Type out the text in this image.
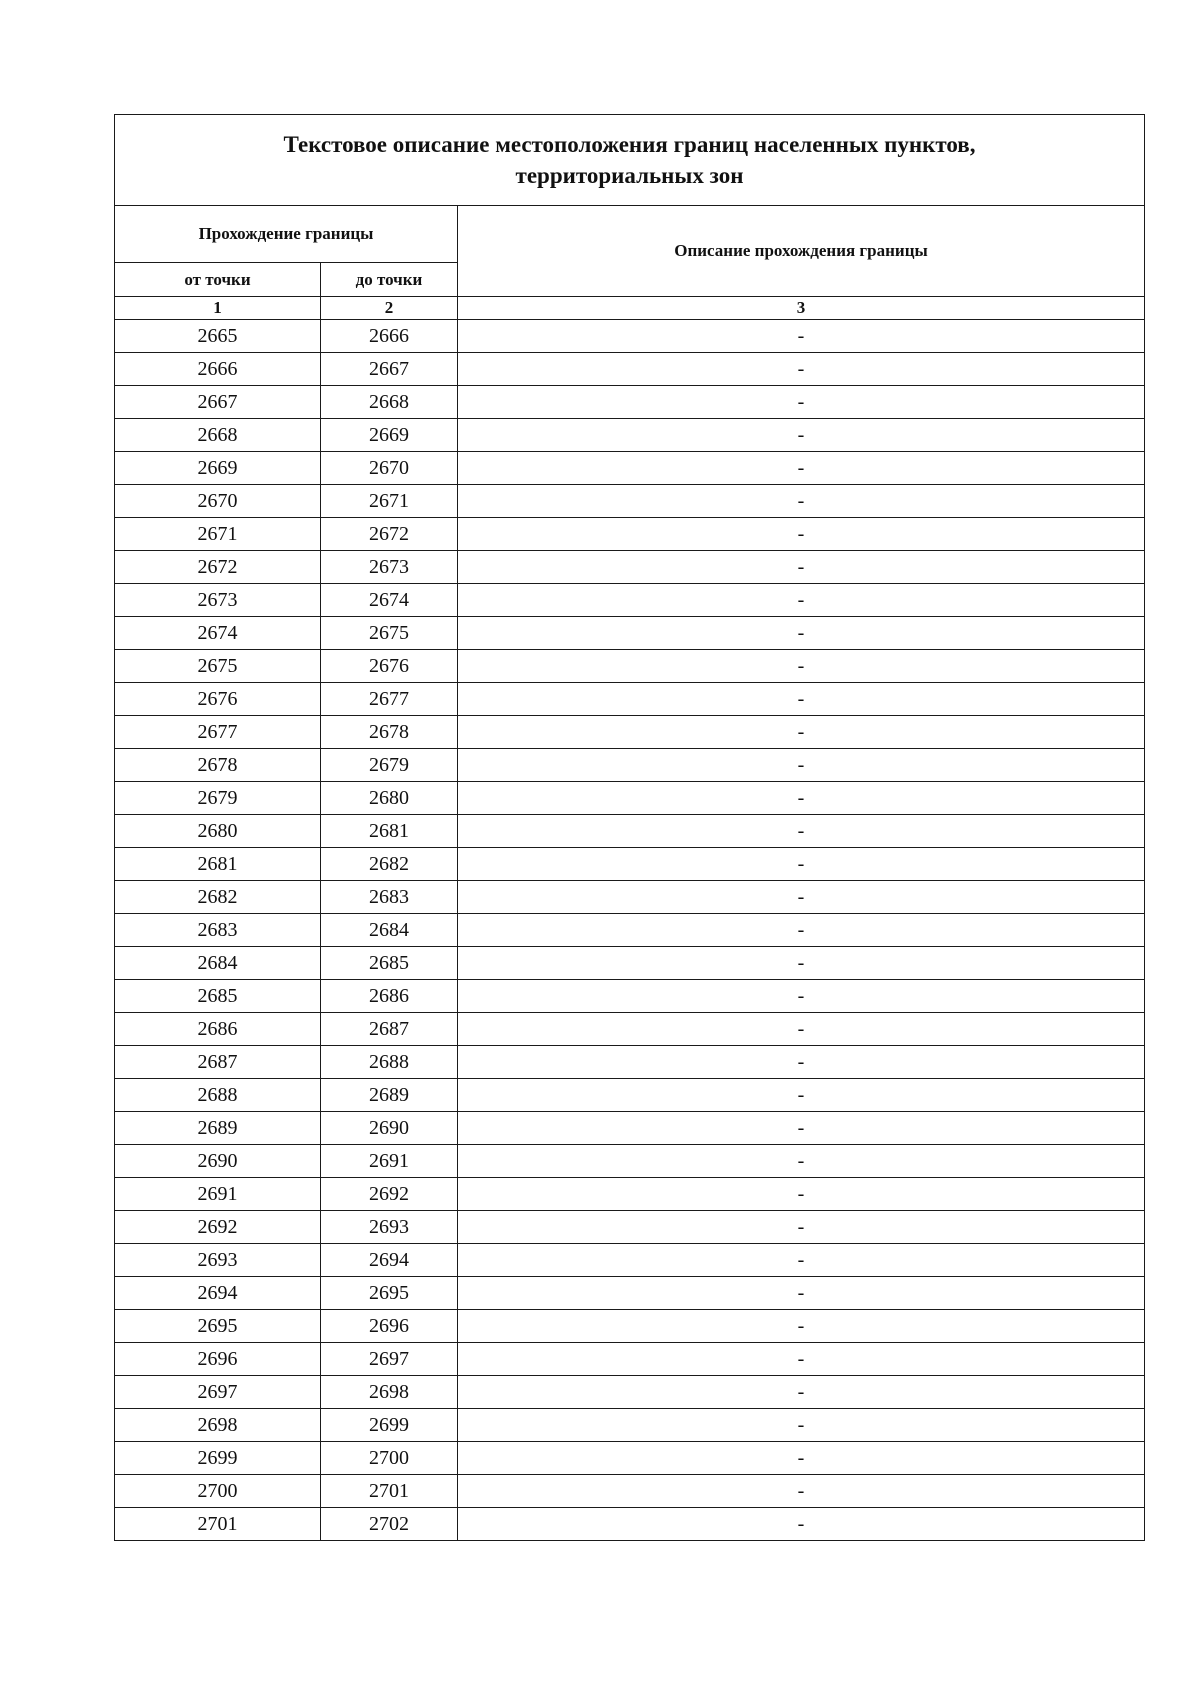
Текстовое описание местоположения границ населенных пунктов,
территориальных зон		

Прохождение границы		Описание прохождения границы
от точки	до точки	
1	2	3
2665	2666	-
2666	2667	-
2667	2668	-
2668	2669	-
2669	2670	-
2670	2671	-
2671	2672	-
2672	2673	-
2673	2674	-
2674	2675	-
2675	2676	-
2676	2677	-
2677	2678	-
2678	2679	-
2679	2680	-
2680	2681	-
2681	2682	-
2682	2683	-
2683	2684	-
2684	2685	-
2685	2686	-
2686	2687	-
2687	2688	-
2688	2689	-
2689	2690	-
2690	2691	-
2691	2692	-
2692	2693	-
2693	2694	-
2694	2695	-
2695	2696	-
2696	2697	-
2697	2698	-
2698	2699	-
2699	2700	-
2700	2701	-
2701	2702	-
